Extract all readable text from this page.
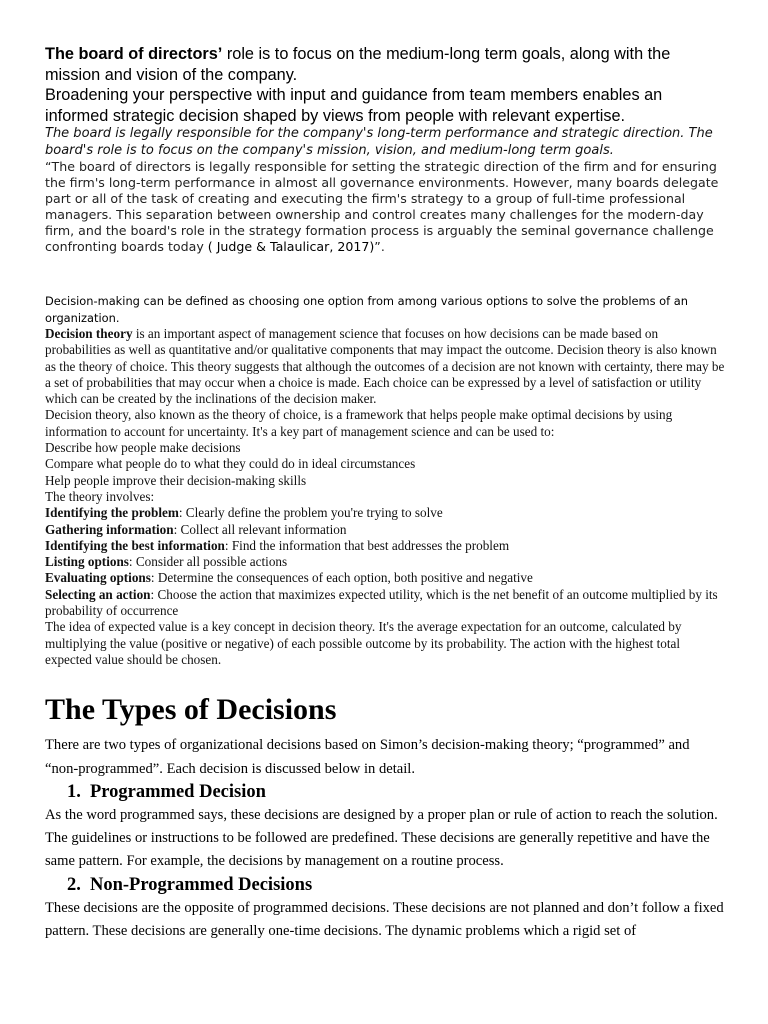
The board of directors’ role is to focus on the medium-long term goals, along with the mission and vision of the company.

Broadening your perspective with input and guidance from team members enables an informed strategic decision shaped by views from people with relevant expertise.

The board is legally responsible for the company's long-term performance and strategic direction. The board's role is to focus on the company's mission, vision, and medium-long term goals.

“The board of directors is legally responsible for setting the strategic direction of the firm and for ensuring the firm's long-term performance in almost all governance environments. However, many boards delegate part or all of the task of creating and executing the firm's strategy to a group of full-time professional managers. This separation between ownership and control creates many challenges for the modern-day firm, and the board's role in the strategy formation process is arguably the seminal governance challenge confronting boards today ( Judge & Talaulicar, 2017)”.

Decision-making can be defined as choosing one option from among various options to solve the problems of an organization.

Decision theory is an important aspect of management science that focuses on how decisions can be made based on probabilities as well as quantitative and/or qualitative components that may impact the outcome. Decision theory is also known as the theory of choice. This theory suggests that although the outcomes of a decision are not known with certainty, there may be a set of probabilities that may occur when a choice is made. Each choice can be expressed by a level of satisfaction or utility which can be created by the inclinations of the decision maker.

Decision theory, also known as the theory of choice, is a framework that helps people make optimal decisions by using information to account for uncertainty. It's a key part of management science and can be used to:

Describe how people make decisions

Compare what people do to what they could do in ideal circumstances

Help people improve their decision-making skills

The theory involves:

Identifying the problem: Clearly define the problem you're trying to solve

Gathering information: Collect all relevant information

Identifying the best information: Find the information that best addresses the problem

Listing options: Consider all possible actions

Evaluating options: Determine the consequences of each option, both positive and negative

Selecting an action: Choose the action that maximizes expected utility, which is the net benefit of an outcome multiplied by its probability of occurrence

The idea of expected value is a key concept in decision theory. It's the average expectation for an outcome, calculated by multiplying the value (positive or negative) of each possible outcome by its probability. The action with the highest total expected value should be chosen.

The Types of Decisions

There are two types of organizational decisions based on Simon’s decision-making theory; “programmed” and “non-programmed”. Each decision is discussed below in detail.

1. Programmed Decision

As the word programmed says, these decisions are designed by a proper plan or rule of action to reach the solution. The guidelines or instructions to be followed are predefined. These decisions are generally repetitive and have the same pattern. For example, the decisions by management on a routine process.

2. Non-Programmed Decisions

These decisions are the opposite of programmed decisions. These decisions are not planned and don’t follow a fixed pattern. These decisions are generally one-time decisions. The dynamic problems which a rigid set of
